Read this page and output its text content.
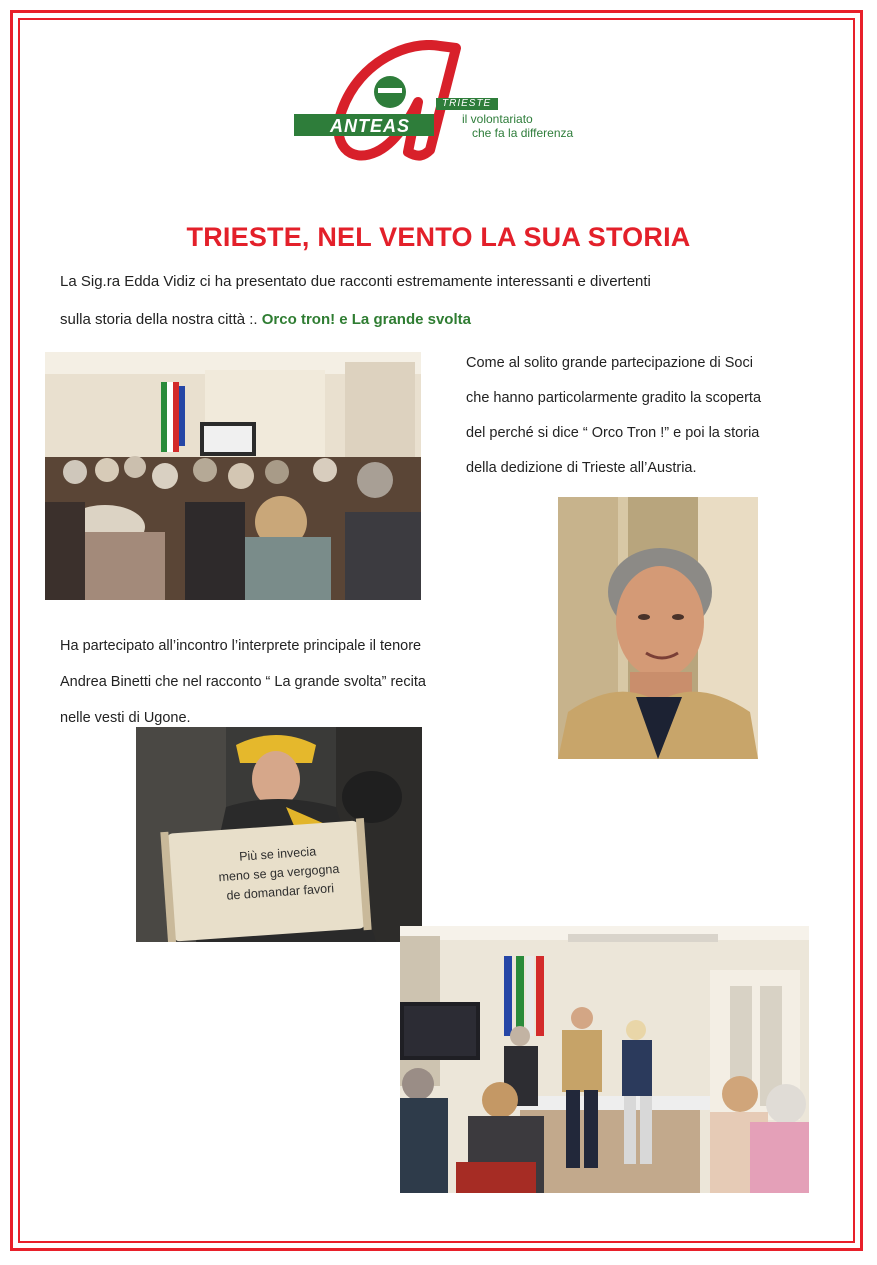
ANTEAS
TRIESTE
il volontariato
che fa la differenza
TRIESTE, NEL VENTO LA SUA STORIA
La Sig.ra Edda Vidiz ci ha presentato due racconti estremamente interessanti e divertenti
sulla storia della nostra città :. Orco tron! e La grande svolta
Come al solito grande partecipazione di Soci
che hanno particolarmente gradito la scoperta
del perché si dice “ Orco Tron !” e poi la storia
della dedizione di Trieste all’Austria.
Ha partecipato all’incontro l’interprete principale il tenore
Andrea Binetti che nel racconto “ La grande svolta” recita
nelle vesti di Ugone.
Più se invecia
meno se ga vergogna
de domandar favori
